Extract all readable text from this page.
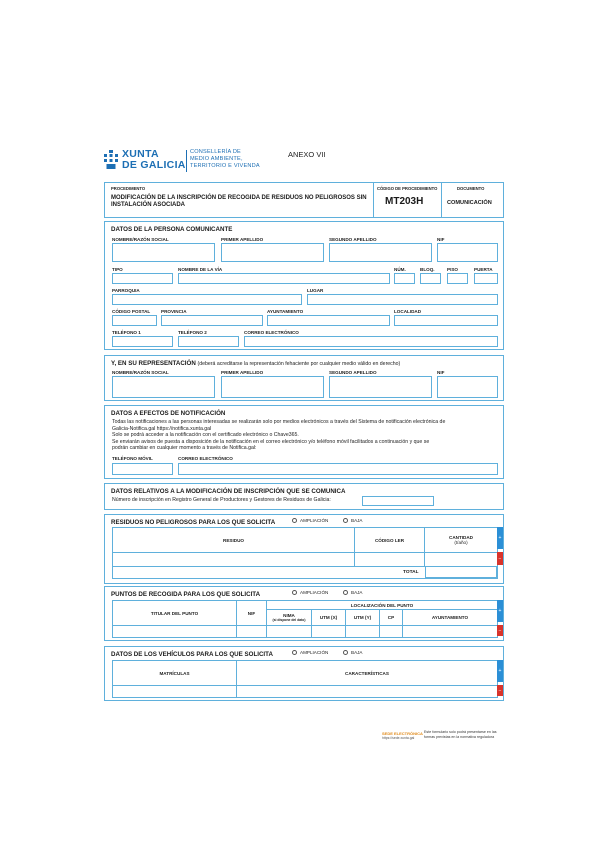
XUNTA
DE GALICIA
CONSELLERÍA DE
MEDIO AMBIENTE,
TERRITORIO E VIVENDA
ANEXO VII
PROCEDIMENTO
MODIFICACIÓN DE LA INSCRIPCIÓN DE RECOGIDA DE RESIDUOS NO PELIGROSOS SIN INSTALACIÓN ASOCIADA
CÓDIGO DE PROCEDIMIENTO
MT203H
DOCUMENTO
COMUNICACIÓN
DATOS DE LA PERSONA COMUNICANTE
NOMBRE/RAZÓN SOCIAL	PRIMER APELLIDO	SEGUNDO APELLIDO	NIF
TIPO	NOMBRE DE LA VÍA	NÚM.	BLOQ.	PISO	PUERTA
PARROQUIA	LUGAR
CÓDIGO POSTAL PROVINCIA	AYUNTAMIENTO	LOCALIDAD
TELÉFONO 1	TELÉFONO 2	CORREO ELECTRÓNICO
Y, EN SU REPRESENTACIÓN (deberá acreditarse la representación fehaciente por cualquier medio válido en derecho)
NOMBRE/RAZÓN SOCIAL	PRIMER APELLIDO	SEGUNDO APELLIDO	NIF
DATOS A EFECTOS DE NOTIFICACIÓN
Todas las notificaciones a las personas interesadas se realizarán solo por medios electrónicos a través del Sistema de notificación electrónica de
Galicia-Notifica.gal https://notifica.xunta.gal
Solo se podrá acceder a la notificación con el certificado electrónico o Chave365.
Se enviarán avisos de puesta a disposición de la notificación en el correo electrónico y/o teléfono móvil facilitados a continuación y que se
podrán cambiar en cualquier momento a través de Notifica.gal:
TELÉFONO MÓVIL	CORREO ELECTRÓNICO
DATOS RELATIVOS A LA MODIFICACIÓN DE INSCRIPCIÓN QUE SE COMUNICA
Número de inscripción en Registro General de Productores y Gestores de Residuos de Galicia:
RESIDUOS NO PELIGROSOS PARA LOS QUE SOLICITA	AMPLIACIÓN	BAJA
RESIDUO	CÓDIGO LER	CANTIDAD
(t/año)
TOTAL
+
−
PUNTOS DE RECOGIDA PARA LOS QUE SOLICITA	AMPLIACIÓN	BAJA
TITULAR DEL PUNTO	NIF
LOCALIZACIÓN DEL PUNTO
NIMA
(si dispone del dato)	UTM (X)	UTM (Y)	CP	AYUNTAMIENTO
+
−
DATOS DE LOS VEHÍCULOS PARA LOS QUE SOLICITA	AMPLIACIÓN	BAJA
MATRÍCULAS	CARACTERÍSTICAS	+
−
SEDE ELECTRÓNICA
https://sede.xunta.gal
Este formulario solo podrá presentarse en las formas previstas en la normativa reguladora
